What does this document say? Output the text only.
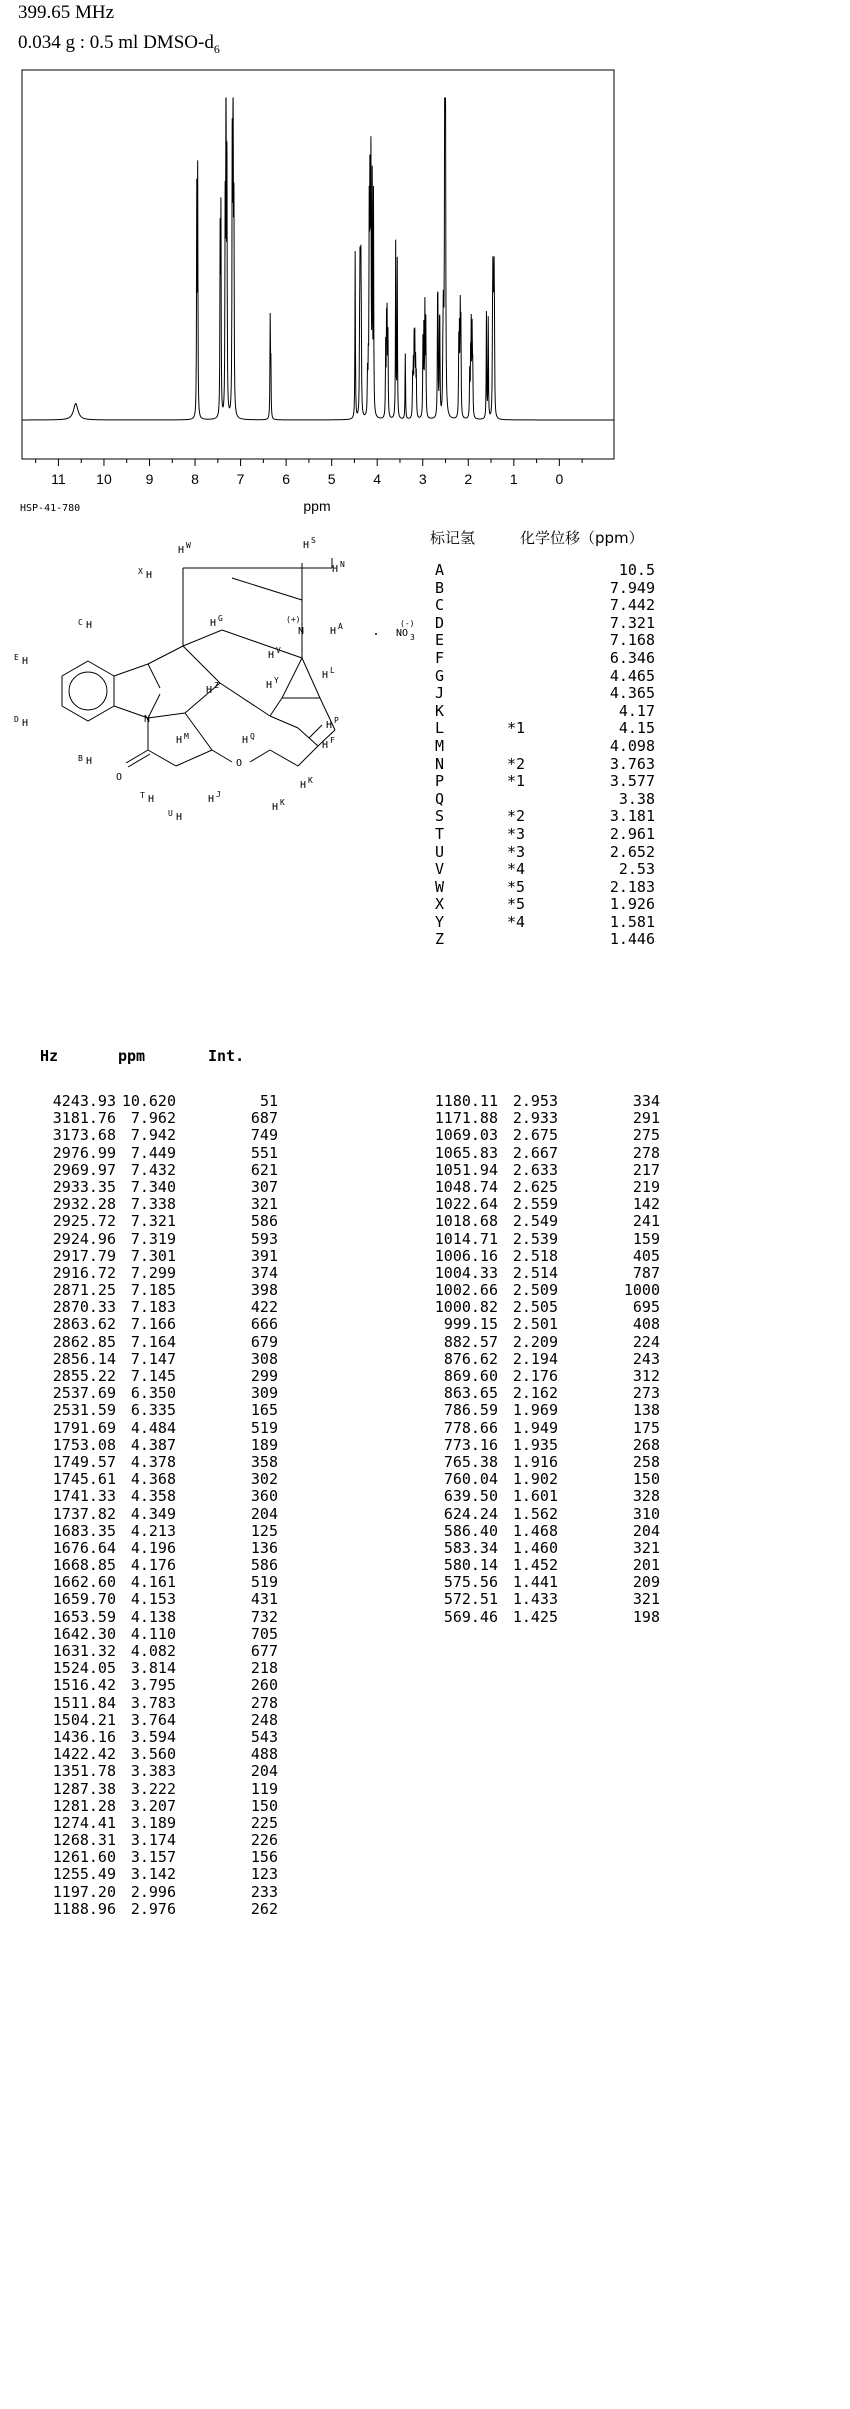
399.65 MHz
0.034 g : 0.5 ml DMSO-$d_6$
11 10 9	8	7	6	5	4	3	2	1	0
ppm
HSP-41-780
H W	H S
H N
X H
C H	H G	(+)
N	H A
NO 3
(-)
H V
H L
E H
H Z	H Y
D H	N
H M	H Q
H P
H F
B H
O
O
T H	H J
H K
U H
H K
标记氢	化学位移（ppm）
A	10.5
B	7.949
C	7.442
D	7.321
E	7.168
F	6.346
G	4.465
J	4.365
K	4.17
L	*1	4.15
M	4.098
N	*2	3.763
P	*1	3.577
Q	3.38
S	*2	3.181
T	*3	2.961
U	*3	2.652
V	*4	2.53
W	*5	2.183
X	*5	1.926
Y	*4	1.581
Z	1.446
Hz	ppm	Int.
4243.93 10.620	51
3181.76 7.962	687
3173.68 7.942	749
2976.99 7.449	551
2969.97 7.432	621
2933.35 7.340	307
2932.28 7.338	321
2925.72 7.321	586
2924.96 7.319	593
2917.79 7.301	391
2916.72 7.299	374
2871.25 7.185	398
2870.33 7.183	422
2863.62 7.166	666
2862.85 7.164	679
2856.14 7.147	308
2855.22 7.145	299
2537.69 6.350	309
2531.59 6.335	165
1791.69 4.484	519
1753.08 4.387	189
1749.57 4.378	358
1745.61 4.368	302
1741.33 4.358	360
1737.82 4.349	204
1683.35 4.213	125
1676.64 4.196	136
1668.85 4.176	586
1662.60 4.161	519
1659.70 4.153	431
1653.59 4.138	732
1642.30 4.110	705
1631.32 4.082	677
1524.05 3.814	218
1516.42 3.795	260
1511.84 3.783	278
1504.21 3.764	248
1436.16 3.594	543
1422.42 3.560	488
1351.78 3.383	204
1287.38 3.222	119
1281.28 3.207	150
1274.41 3.189	225
1268.31 3.174	226
1261.60 3.157	156
1255.49 3.142	123
1197.20 2.996	233
1188.96 2.976	262
1180.11 2.953	334
1171.88 2.933	291
1069.03 2.675	275
1065.83 2.667	278
1051.94 2.633	217
1048.74 2.625	219
1022.64 2.559	142
1018.68 2.549	241
1014.71 2.539	159
1006.16 2.518	405
1004.33 2.514	787
1002.66 2.509	1000
1000.82 2.505	695
999.15 2.501	408
882.57 2.209	224
876.62 2.194	243
869.60 2.176	312
863.65 2.162	273
786.59 1.969	138
778.66 1.949	175
773.16 1.935	268
765.38 1.916	258
760.04 1.902	150
639.50 1.601	328
624.24 1.562	310
586.40 1.468	204
583.34 1.460	321
580.14 1.452	201
575.56 1.441	209
572.51 1.433	321
569.46 1.425	198
